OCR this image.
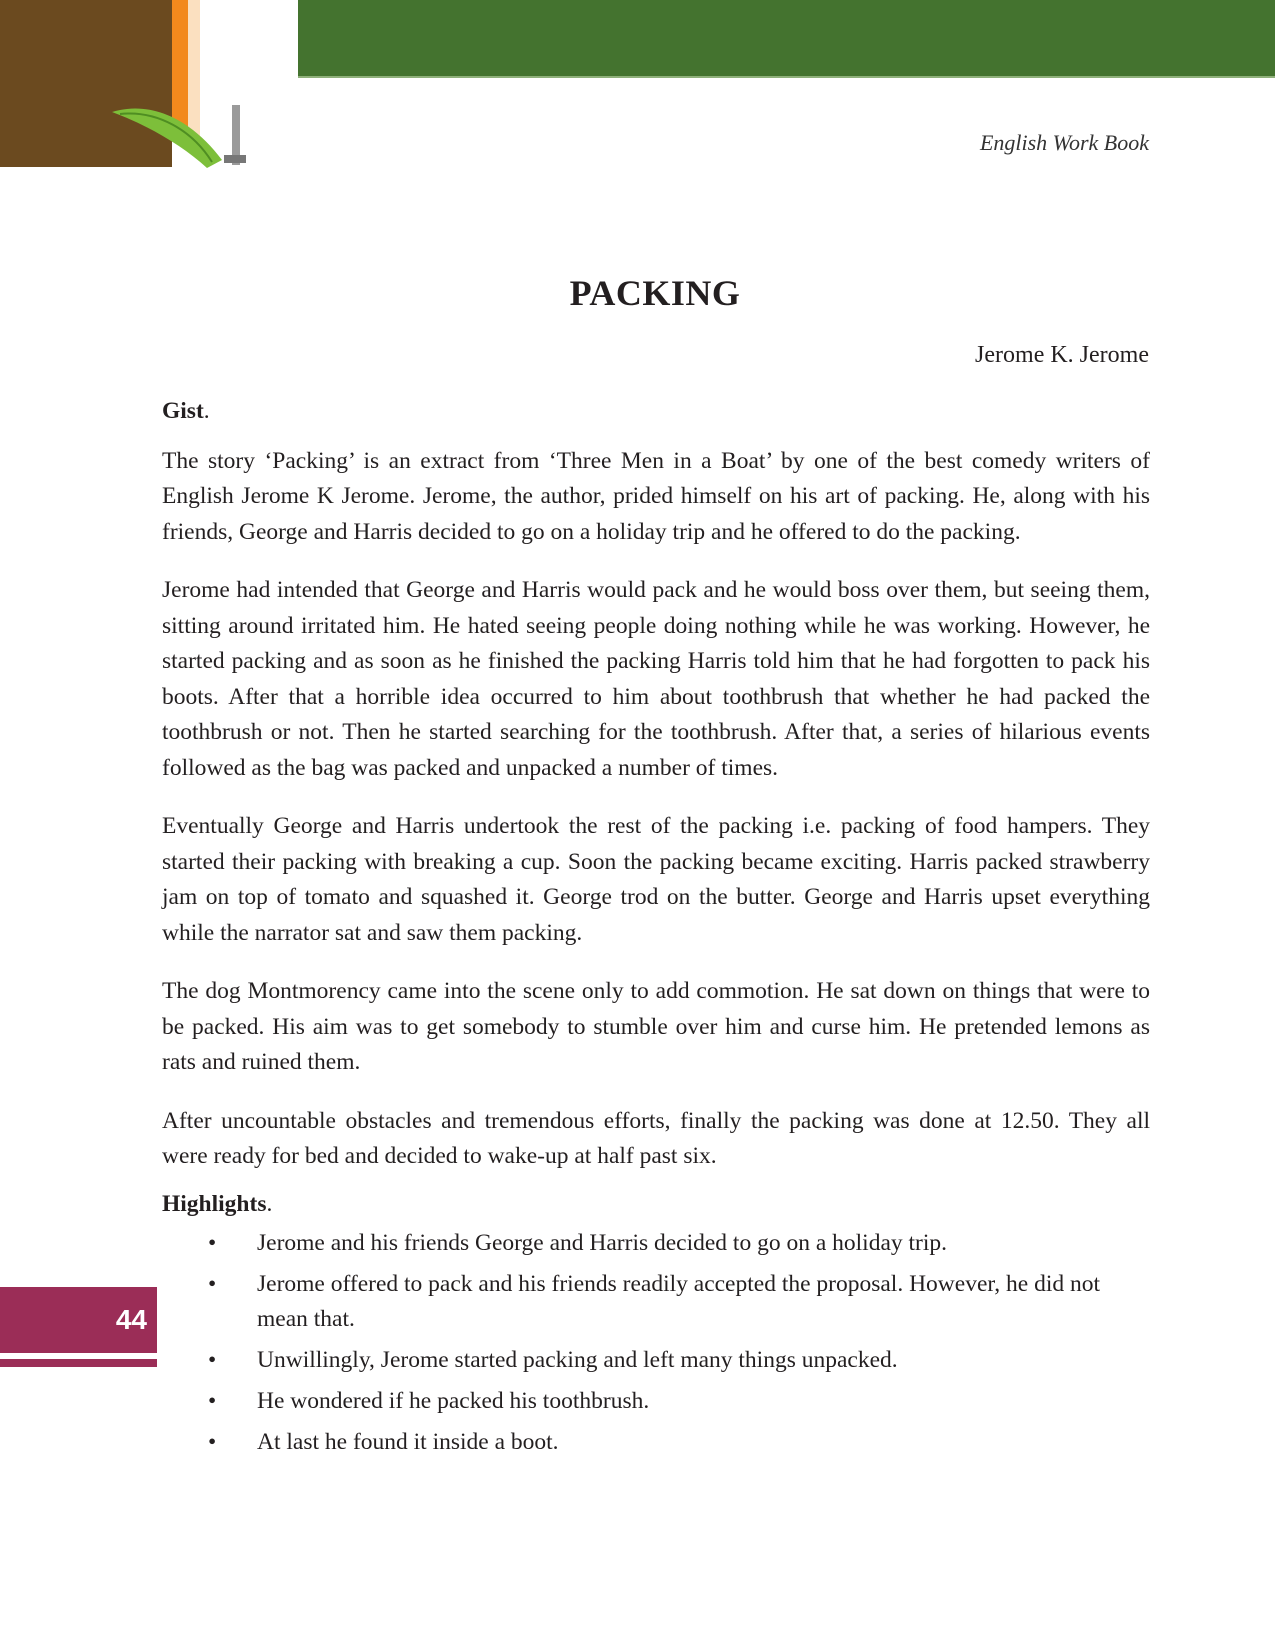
English Work Book
PACKING
Jerome K. Jerome

Gist.

The story ‘Packing’ is an extract from ‘Three Men in a Boat’ by one of the best comedy writers of English Jerome K Jerome. Jerome, the author, prided himself on his art of packing. He, along with his friends, George and Harris decided to go on a holiday trip and he offered to do the packing.

Jerome had intended that George and Harris would pack and he would boss over them, but seeing them, sitting around irritated him. He hated seeing people doing nothing while he was working. However, he started packing and as soon as he finished the packing Harris told him that he had forgotten to pack his boots. After that a horrible idea occurred to him about toothbrush that whether he had packed the toothbrush or not. Then he started searching for the toothbrush. After that, a series of hilarious events followed as the bag was packed and unpacked a number of times.

Eventually George and Harris undertook the rest of the packing i.e. packing of food hampers. They started their packing with breaking a cup. Soon the packing became exciting. Harris packed strawberry jam on top of tomato and squashed it. George trod on the butter. George and Harris upset everything while the narrator sat and saw them packing.

The dog Montmorency came into the scene only to add commotion. He sat down on things that were to be packed. His aim was to get somebody to stumble over him and curse him. He pretended lemons as rats and ruined them.

After uncountable obstacles and tremendous efforts, finally the packing was done at 12.50. They all were ready for bed and decided to wake-up at half past six.

Highlights.

• Jerome and his friends George and Harris decided to go on a holiday trip.
• Jerome offered to pack and his friends readily accepted the proposal. However, he did not mean that.
• Unwillingly, Jerome started packing and left many things unpacked.
• He wondered if he packed his toothbrush.
• At last he found it inside a boot.
44
